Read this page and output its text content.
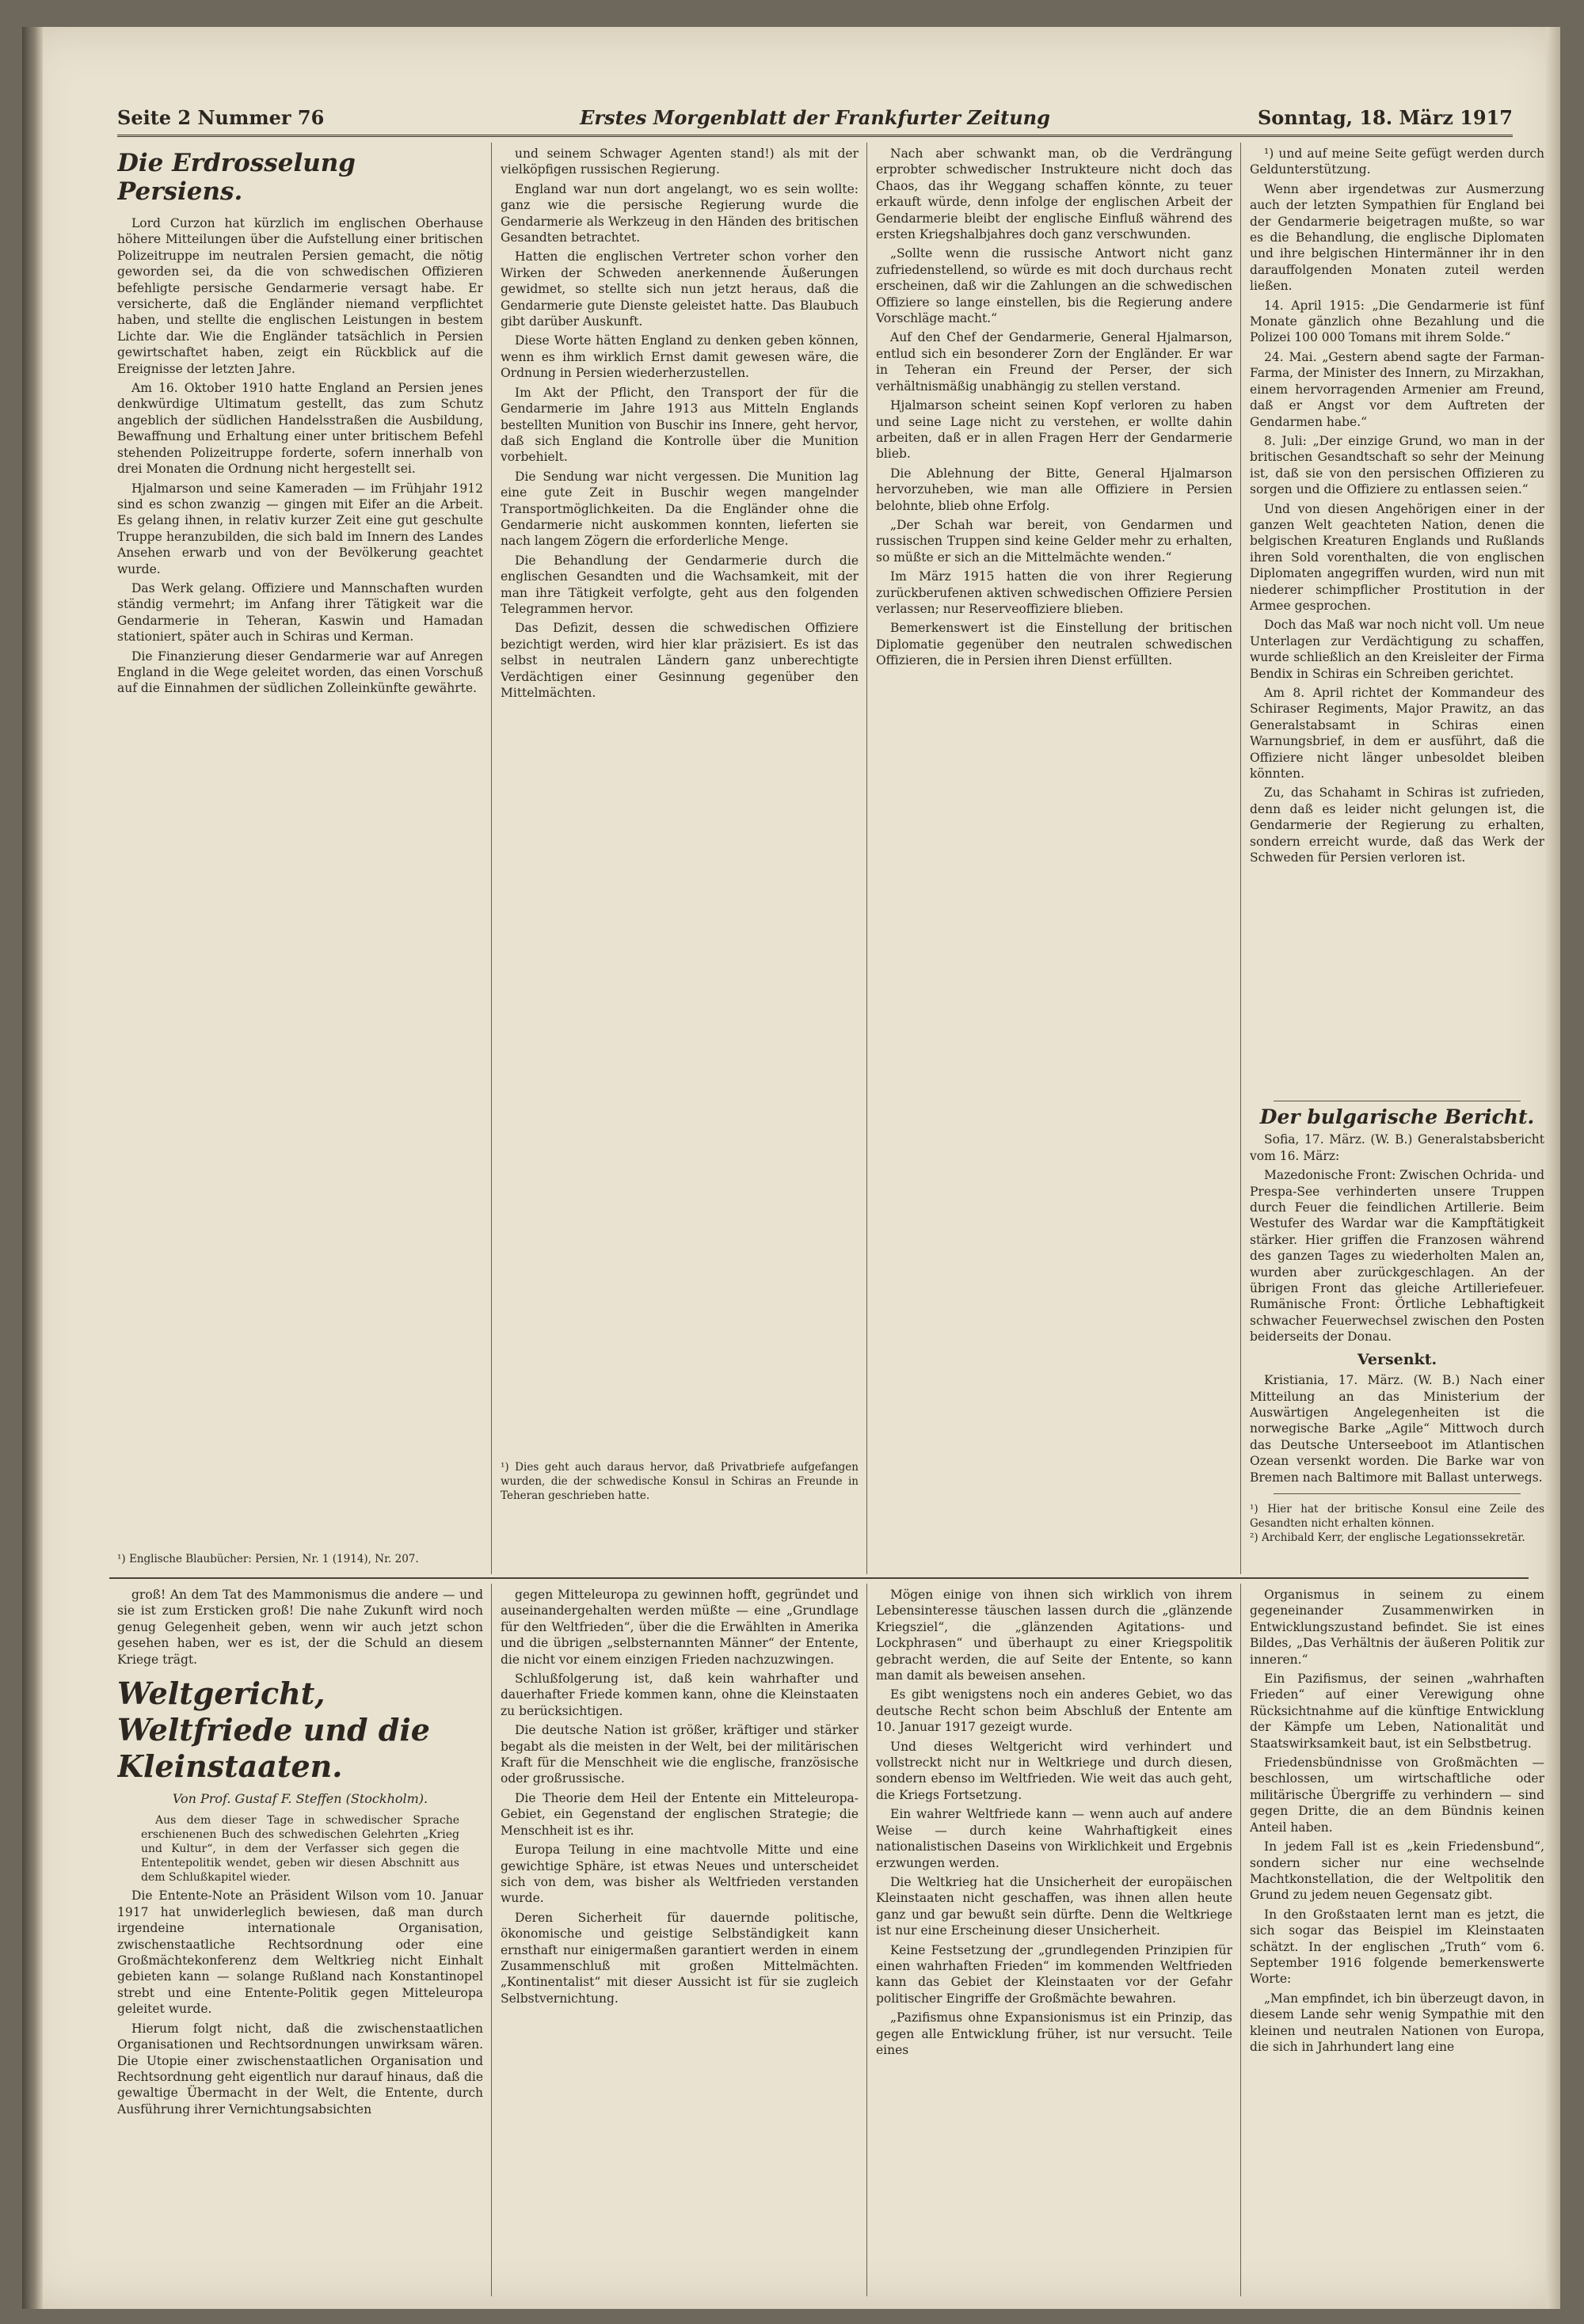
Seite 2 Nummer 76	Erstes Morgenblatt der Frankfurter Zeitung	Sonntag, 18. März 1917
Die Erdrosselung Persiens.

Lord Curzon hat kürzlich im englischen Oberhause höhere Mitteilungen über die Aufstellung einer britischen Polizeitruppe im neutralen Persien gemacht, die nötig geworden sei, da die von schwedischen Offizieren befehligte persische Gendarmerie versagt habe. Er versicherte, daß die Engländer niemand verpflichtet haben, und stellte die englischen Leistungen in bestem Lichte dar. Wie die Engländer tatsächlich in Persien gewirtschaftet haben, zeigt ein Rückblick auf die Ereignisse der letzten Jahre.

Am 16. Oktober 1910 hatte England an Persien jenes denkwürdige Ultimatum gestellt, das zum Schutz angeblich der südlichen Handelsstraßen die Ausbildung, Bewaffnung und Erhaltung einer unter britischem Befehl stehenden Polizeitruppe forderte, sofern innerhalb von drei Monaten die Ordnung nicht hergestellt sei.

Hjalmarson und seine Kameraden — im Frühjahr 1912 sind es schon zwanzig — gingen mit Eifer an die Arbeit. Es gelang ihnen, in relativ kurzer Zeit eine gut geschulte Truppe heranzubilden, die sich bald im Innern des Landes Ansehen erwarb und von der Bevölkerung geachtet wurde.

Das Werk gelang. Offiziere und Mannschaften wurden ständig vermehrt; im Anfang ihrer Tätigkeit war die Gendarmerie in Teheran, Kaswin und Hamadan stationiert, später auch in Schiras und Kerman.

Die Finanzierung dieser Gendarmerie war auf Anregen England in die Wege geleitet worden, das einen Vorschuß auf die Einnahmen der südlichen Zolleinkünfte gewährte.

¹) Englische Blaubücher: Persien, Nr. 1 (1914), Nr. 207.

und seinem Schwager Agenten stand!) als mit der vielköpfigen russischen Regierung.

England war nun dort angelangt, wo es sein wollte: ganz wie die persische Regierung wurde die Gendarmerie als Werkzeug in den Händen des britischen Gesandten betrachtet.

Hatten die englischen Vertreter schon vorher den Wirken der Schweden anerkennende Äußerungen gewidmet, so stellte sich nun jetzt heraus, daß die Gendarmerie gute Dienste geleistet hatte. Das Blaubuch gibt darüber Auskunft.

Diese Worte hätten England zu denken geben können, wenn es ihm wirklich Ernst damit gewesen wäre, die Ordnung in Persien wiederherzustellen.

Im Akt der Pflicht, den Transport der für die Gendarmerie im Jahre 1913 aus Mitteln Englands bestellten Munition von Buschir ins Innere, geht hervor, daß sich England die Kontrolle über die Munition vorbehielt.

Die Sendung war nicht vergessen. Die Munition lag eine gute Zeit in Buschir wegen mangelnder Transportmöglichkeiten. Da die Engländer ohne die Gendarmerie nicht auskommen konnten, lieferten sie nach langem Zögern die erforderliche Menge.

Die Behandlung der Gendarmerie durch die englischen Gesandten und die Wachsamkeit, mit der man ihre Tätigkeit verfolgte, geht aus den folgenden Telegrammen hervor.

Das Defizit, dessen die schwedischen Offiziere bezichtigt werden, wird hier klar präzisiert. Es ist das selbst in neutralen Ländern ganz unberechtigte Verdächtigen einer Gesinnung gegenüber den Mittelmächten.

¹) Dies geht auch daraus hervor, daß Privatbriefe aufgefangen wurden, die der schwedische Konsul in Schiras an Freunde in Teheran geschrieben hatte.

Nach aber schwankt man, ob die Verdrängung erprobter schwedischer Instrukteure nicht doch das Chaos, das ihr Weggang schaffen könnte, zu teuer erkauft würde, denn infolge der englischen Arbeit der Gendarmerie bleibt der englische Einfluß während des ersten Kriegshalbjahres doch ganz verschwunden.

„Sollte wenn die russische Antwort nicht ganz zufriedenstellend, so würde es mit doch durchaus recht erscheinen, daß wir die Zahlungen an die schwedischen Offiziere so lange einstellen, bis die Regierung andere Vorschläge macht.“

Auf den Chef der Gendarmerie, General Hjalmarson, entlud sich ein besonderer Zorn der Engländer. Er war in Teheran ein Freund der Perser, der sich verhältnismäßig unabhängig zu stellen verstand.

Hjalmarson scheint seinen Kopf verloren zu haben und seine Lage nicht zu verstehen, er wollte dahin arbeiten, daß er in allen Fragen Herr der Gendarmerie blieb.

Die Ablehnung der Bitte, General Hjalmarson hervorzuheben, wie man alle Offiziere in Persien belohnte, blieb ohne Erfolg.

„Der Schah war bereit, von Gendarmen und russischen Truppen sind keine Gelder mehr zu erhalten, so müßte er sich an die Mittelmächte wenden.“

Im März 1915 hatten die von ihrer Regierung zurückberufenen aktiven schwedischen Offiziere Persien verlassen; nur Reserveoffiziere blieben.

Bemerkenswert ist die Einstellung der britischen Diplomatie gegenüber den neutralen schwedischen Offizieren, die in Persien ihren Dienst erfüllten.

¹) und auf meine Seite gefügt werden durch Geldunterstützung.

Wenn aber irgendetwas zur Ausmerzung auch der letzten Sympathien für England bei der Gendarmerie beigetragen mußte, so war es die Behandlung, die englische Diplomaten und ihre belgischen Hintermänner ihr in den darauffolgenden Monaten zuteil werden ließen.

14. April 1915: „Die Gendarmerie ist fünf Monate gänzlich ohne Bezahlung und die Polizei 100 000 Tomans mit ihrem Solde.“

24. Mai. „Gestern abend sagte der Farman-Farma, der Minister des Innern, zu Mirzakhan, einem hervorragenden Armenier am Freund, daß er Angst vor dem Auftreten der Gendarmen habe.“

8. Juli: „Der einzige Grund, wo man in der britischen Gesandtschaft so sehr der Meinung ist, daß sie von den persischen Offizieren zu sorgen und die Offiziere zu entlassen seien.“

Und von diesen Angehörigen einer in der ganzen Welt geachteten Nation, denen die belgischen Kreaturen Englands und Rußlands ihren Sold vorenthalten, die von englischen Diplomaten angegriffen wurden, wird nun mit niederer schimpflicher Prostitution in der Armee gesprochen.

Doch das Maß war noch nicht voll. Um neue Unterlagen zur Verdächtigung zu schaffen, wurde schließlich an den Kreisleiter der Firma Bendix in Schiras ein Schreiben gerichtet.

Am 8. April richtet der Kommandeur des Schiraser Regiments, Major Prawitz, an das Generalstabsamt in Schiras einen Warnungsbrief, in dem er ausführt, daß die Offiziere nicht länger unbesoldet bleiben könnten.

Zu, das Schahamt in Schiras ist zufrieden, denn daß es leider nicht gelungen ist, die Gendarmerie der Regierung zu erhalten, sondern erreicht wurde, daß das Werk der Schweden für Persien verloren ist.

Der bulgarische Bericht.

Sofia, 17. März. (W. B.) Generalstabsbericht vom 16. März:

Mazedonische Front: Zwischen Ochrida- und Prespa-See verhinderten unsere Truppen durch Feuer die feindlichen Artillerie. Beim Westufer des Wardar war die Kampftätigkeit stärker. Hier griffen die Franzosen während des ganzen Tages zu wiederholten Malen an, wurden aber zurückgeschlagen. An der übrigen Front das gleiche Artilleriefeuer. Rumänische Front: Örtliche Lebhaftigkeit schwacher Feuerwechsel zwischen den Posten beiderseits der Donau.

Versenkt.

Kristiania, 17. März. (W. B.) Nach einer Mitteilung an das Ministerium der Auswärtigen Angelegenheiten ist die norwegische Barke „Agile“ Mittwoch durch das Deutsche Unterseeboot im Atlantischen Ozean versenkt worden. Die Barke war von Bremen nach Baltimore mit Ballast unterwegs.

¹) Hier hat der britische Konsul eine Zeile des Gesandten nicht erhalten können.
²) Archibald Kerr, der englische Legationssekretär.

groß! An dem Tat des Mammonismus die andere — und sie ist zum Ersticken groß! Die nahe Zukunft wird noch genug Gelegenheit geben, wenn wir auch jetzt schon gesehen haben, wer es ist, der die Schuld an diesem Kriege trägt.

Weltgericht, Weltfriede und die Kleinstaaten.
Von Prof. Gustaf F. Steffen (Stockholm).

Aus dem dieser Tage in schwedischer Sprache erschienenen Buch des schwedischen Gelehrten „Krieg und Kultur“, in dem der Verfasser sich gegen die Ententepolitik wendet, geben wir diesen Abschnitt aus dem Schlußkapitel wieder.

Die Entente-Note an Präsident Wilson vom 10. Januar 1917 hat unwiderleglich bewiesen, daß man durch irgendeine internationale Organisation, zwischenstaatliche Rechtsordnung oder eine Großmächtekonferenz dem Weltkrieg nicht Einhalt gebieten kann — solange Rußland nach Konstantinopel strebt und eine Entente-Politik gegen Mitteleuropa geleitet wurde.

Hierum folgt nicht, daß die zwischenstaatlichen Organisationen und Rechtsordnungen unwirksam wären. Die Utopie einer zwischenstaatlichen Organisation und Rechtsordnung geht eigentlich nur darauf hinaus, daß die gewaltige Übermacht in der Welt, die Entente, durch Ausführung ihrer Vernichtungsabsichten

gegen Mitteleuropa zu gewinnen hofft, gegründet und auseinandergehalten werden müßte — eine „Grundlage für den Weltfrieden“, über die die Erwählten in Amerika und die übrigen „selbsternannten Männer“ der Entente, die nicht vor einem einzigen Frieden nachzuzwingen.

Schlußfolgerung ist, daß kein wahrhafter und dauerhafter Friede kommen kann, ohne die Kleinstaaten zu berücksichtigen.

Die deutsche Nation ist größer, kräftiger und stärker begabt als die meisten in der Welt, bei der militärischen Kraft für die Menschheit wie die englische, französische oder großrussische.

Die Theorie dem Heil der Entente ein Mitteleuropa-Gebiet, ein Gegenstand der englischen Strategie; die Menschheit ist es ihr.

Europa Teilung in eine machtvolle Mitte und eine gewichtige Sphäre, ist etwas Neues und unterscheidet sich von dem, was bisher als Weltfrieden verstanden wurde.

Deren Sicherheit für dauernde politische, ökonomische und geistige Selbständigkeit kann ernsthaft nur einigermaßen garantiert werden in einem Zusammenschluß mit großen Mittelmächten. „Kontinentalist“ mit dieser Aussicht ist für sie zugleich Selbstvernichtung.

Mögen einige von ihnen sich wirklich von ihrem Lebensinteresse täuschen lassen durch die „glänzende Kriegsziel“, die „glänzenden Agitations- und Lockphrasen“ und überhaupt zu einer Kriegspolitik gebracht werden, die auf Seite der Entente, so kann man damit als beweisen ansehen.

Es gibt wenigstens noch ein anderes Gebiet, wo das deutsche Recht schon beim Abschluß der Entente am 10. Januar 1917 gezeigt wurde.

Und dieses Weltgericht wird verhindert und vollstreckt nicht nur in Weltkriege und durch diesen, sondern ebenso im Weltfrieden. Wie weit das auch geht, die Kriegs Fortsetzung.

Ein wahrer Weltfriede kann — wenn auch auf andere Weise — durch keine Wahrhaftigkeit eines nationalistischen Daseins von Wirklichkeit und Ergebnis erzwungen werden.

Die Weltkrieg hat die Unsicherheit der europäischen Kleinstaaten nicht geschaffen, was ihnen allen heute ganz und gar bewußt sein dürfte. Denn die Weltkriege ist nur eine Erscheinung dieser Unsicherheit.

Keine Festsetzung der „grundlegenden Prinzipien für einen wahrhaften Frieden“ im kommenden Weltfrieden kann das Gebiet der Kleinstaaten vor der Gefahr politischer Eingriffe der Großmächte bewahren.

„Pazifismus ohne Expansionismus ist ein Prinzip, das gegen alle Entwicklung früher, ist nur versucht. Teile eines

Organismus in seinem zu einem gegeneinander Zusammenwirken in Entwicklungszustand befindet. Sie ist eines Bildes, „Das Verhältnis der äußeren Politik zur inneren.“

Ein Pazifismus, der seinen „wahrhaften Frieden“ auf einer Verewigung ohne Rücksichtnahme auf die künftige Entwicklung der Kämpfe um Leben, Nationalität und Staatswirksamkeit baut, ist ein Selbstbetrug.

Friedensbündnisse von Großmächten — beschlossen, um wirtschaftliche oder militärische Übergriffe zu verhindern — sind gegen Dritte, die an dem Bündnis keinen Anteil haben.

In jedem Fall ist es „kein Friedensbund“, sondern sicher nur eine wechselnde Machtkonstellation, die der Weltpolitik den Grund zu jedem neuen Gegensatz gibt.

In den Großstaaten lernt man es jetzt, die sich sogar das Beispiel im Kleinstaaten schätzt. In der englischen „Truth“ vom 6. September 1916 folgende bemerkenswerte Worte:

„Man empfindet, ich bin überzeugt davon, in diesem Lande sehr wenig Sympathie mit den kleinen und neutralen Nationen von Europa, die sich in Jahrhundert lang eine
